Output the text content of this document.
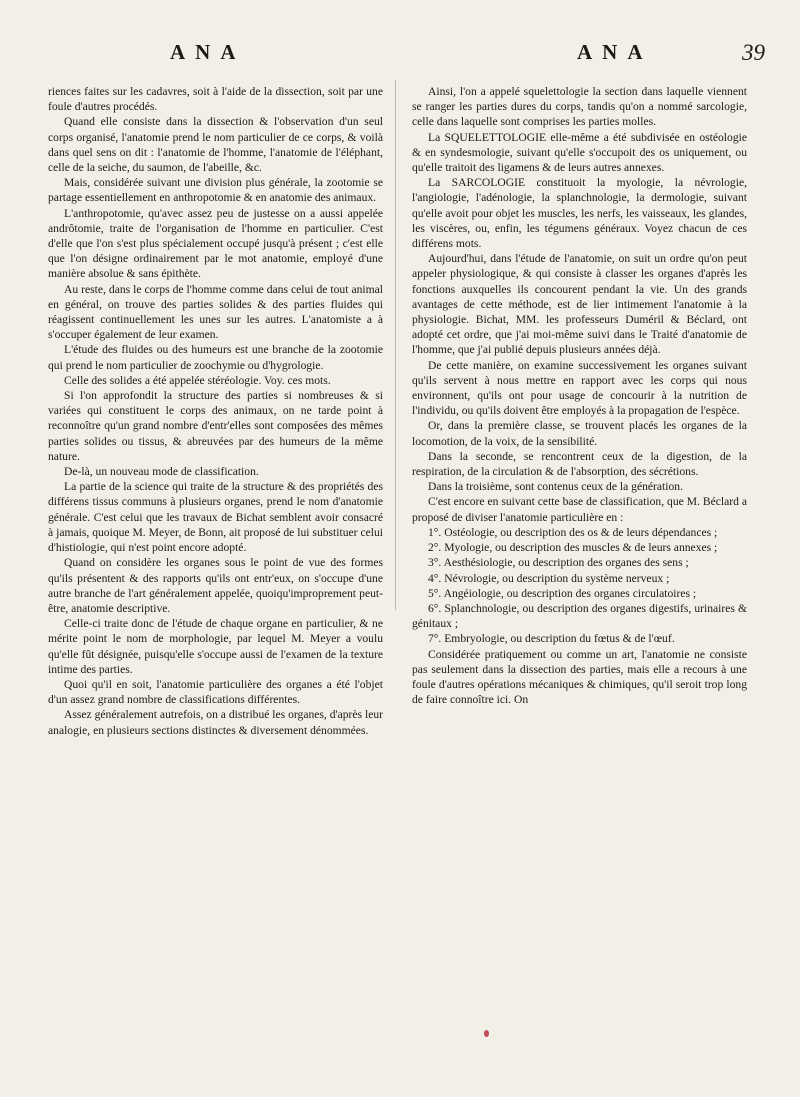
ANA	ANA	39

riences faites sur les cadavres, soit à l'aide de la dissection, soit par une foule d'autres procédés.

Quand elle consiste dans la dissection & l'observation d'un seul corps organisé, l'anatomie prend le nom particulier de ce corps, & voilà dans quel sens on dit : l'anatomie de l'homme, l'anatomie de l'éléphant, celle de la seiche, du saumon, de l'abeille, &c.

Mais, considérée suivant une division plus générale, la zootomie se partage essentiellement en anthropotomie & en anatomie des animaux.

L'anthropotomie, qu'avec assez peu de justesse on a aussi appelée andrôtomie, traite de l'organisation de l'homme en particulier. C'est d'elle que l'on s'est plus spécialement occupé jusqu'à présent ; c'est elle que l'on désigne ordinairement par le mot anatomie, employé d'une manière absolue & sans épithète.

Au reste, dans le corps de l'homme comme dans celui de tout animal en général, on trouve des parties solides & des parties fluides qui réagissent continuellement les unes sur les autres. L'anatomiste a à s'occuper également de leur examen.

L'étude des fluides ou des humeurs est une branche de la zootomie qui prend le nom particulier de zoochymie ou d'hygrologie.

Celle des solides a été appelée stéréologie. Voy. ces mots.

Si l'on approfondit la structure des parties si nombreuses & si variées qui constituent le corps des animaux, on ne tarde point à reconnoître qu'un grand nombre d'entr'elles sont composées des mêmes parties solides ou tissus, & abreuvées par des humeurs de la même nature.

De-là, un nouveau mode de classification.

La partie de la science qui traite de la structure & des propriétés des différens tissus communs à plusieurs organes, prend le nom d'anatomie générale. C'est celui que les travaux de Bichat semblent avoir consacré à jamais, quoique M. Meyer, de Bonn, ait proposé de lui substituer celui d'histiologie, qui n'est point encore adopté.

Quand on considère les organes sous le point de vue des formes qu'ils présentent & des rapports qu'ils ont entr'eux, on s'occupe d'une autre branche de l'art généralement appelée, quoiqu'improprement peut-être, anatomie descriptive.

Celle-ci traite donc de l'étude de chaque organe en particulier, & ne mérite point le nom de morphologie, par lequel M. Meyer a voulu qu'elle fût désignée, puisqu'elle s'occupe aussi de l'examen de la texture intime des parties.

Quoi qu'il en soit, l'anatomie particulière des organes a été l'objet d'un assez grand nombre de classifications différentes.

Assez généralement autrefois, on a distribué les organes, d'après leur analogie, en plusieurs sections distinctes & diversement dénommées.

Ainsi, l'on a appelé squelettologie la section dans laquelle viennent se ranger les parties dures du corps, tandis qu'on a nommé sarcologie, celle dans laquelle sont comprises les parties molles.

La SQUELETTOLOGIE elle-même a été subdivisée en ostéologie & en syndesmologie, suivant qu'elle s'occupoit des os uniquement, ou qu'elle traitoit des ligamens & de leurs autres annexes.

La SARCOLOGIE constituoit la myologie, la névrologie, l'angiologie, l'adénologie, la splanchnologie, la dermologie, suivant qu'elle avoit pour objet les muscles, les nerfs, les vaisseaux, les glandes, les viscères, ou, enfin, les tégumens généraux. Voyez chacun de ces différens mots.

Aujourd'hui, dans l'étude de l'anatomie, on suit un ordre qu'on peut appeler physiologique, & qui consiste à classer les organes d'après les fonctions auxquelles ils concourent pendant la vie. Un des grands avantages de cette méthode, est de lier intimement l'anatomie à la physiologie. Bichat, MM. les professeurs Duméril & Béclard, ont adopté cet ordre, que j'ai moi-même suivi dans le Traité d'anatomie de l'homme, que j'ai publié depuis plusieurs années déjà.

De cette manière, on examine successivement les organes suivant qu'ils servent à nous mettre en rapport avec les corps qui nous environnent, qu'ils ont pour usage de concourir à la nutrition de l'individu, ou qu'ils doivent être employés à la propagation de l'espèce.

Or, dans la première classe, se trouvent placés les organes de la locomotion, de la voix, de la sensibilité.

Dans la seconde, se rencontrent ceux de la digestion, de la respiration, de la circulation & de l'absorption, des sécrétions.

Dans la troisième, sont contenus ceux de la génération.

C'est encore en suivant cette base de classification, que M. Béclard a proposé de diviser l'anatomie particulière en :

1°. Ostéologie, ou description des os & de leurs dépendances ;

2°. Myologie, ou description des muscles & de leurs annexes ;

3°. Aesthésiologie, ou description des organes des sens ;

4°. Névrologie, ou description du système nerveux ;

5°. Angéiologie, ou description des organes circulatoires ;

6°. Splanchnologie, ou description des organes digestifs, urinaires & génitaux ;

7°. Embryologie, ou description du fœtus & de l'œuf.

Considérée pratiquement ou comme un art, l'anatomie ne consiste pas seulement dans la dissection des parties, mais elle a recours à une foule d'autres opérations mécaniques & chimiques, qu'il seroit trop long de faire connoître ici. On
